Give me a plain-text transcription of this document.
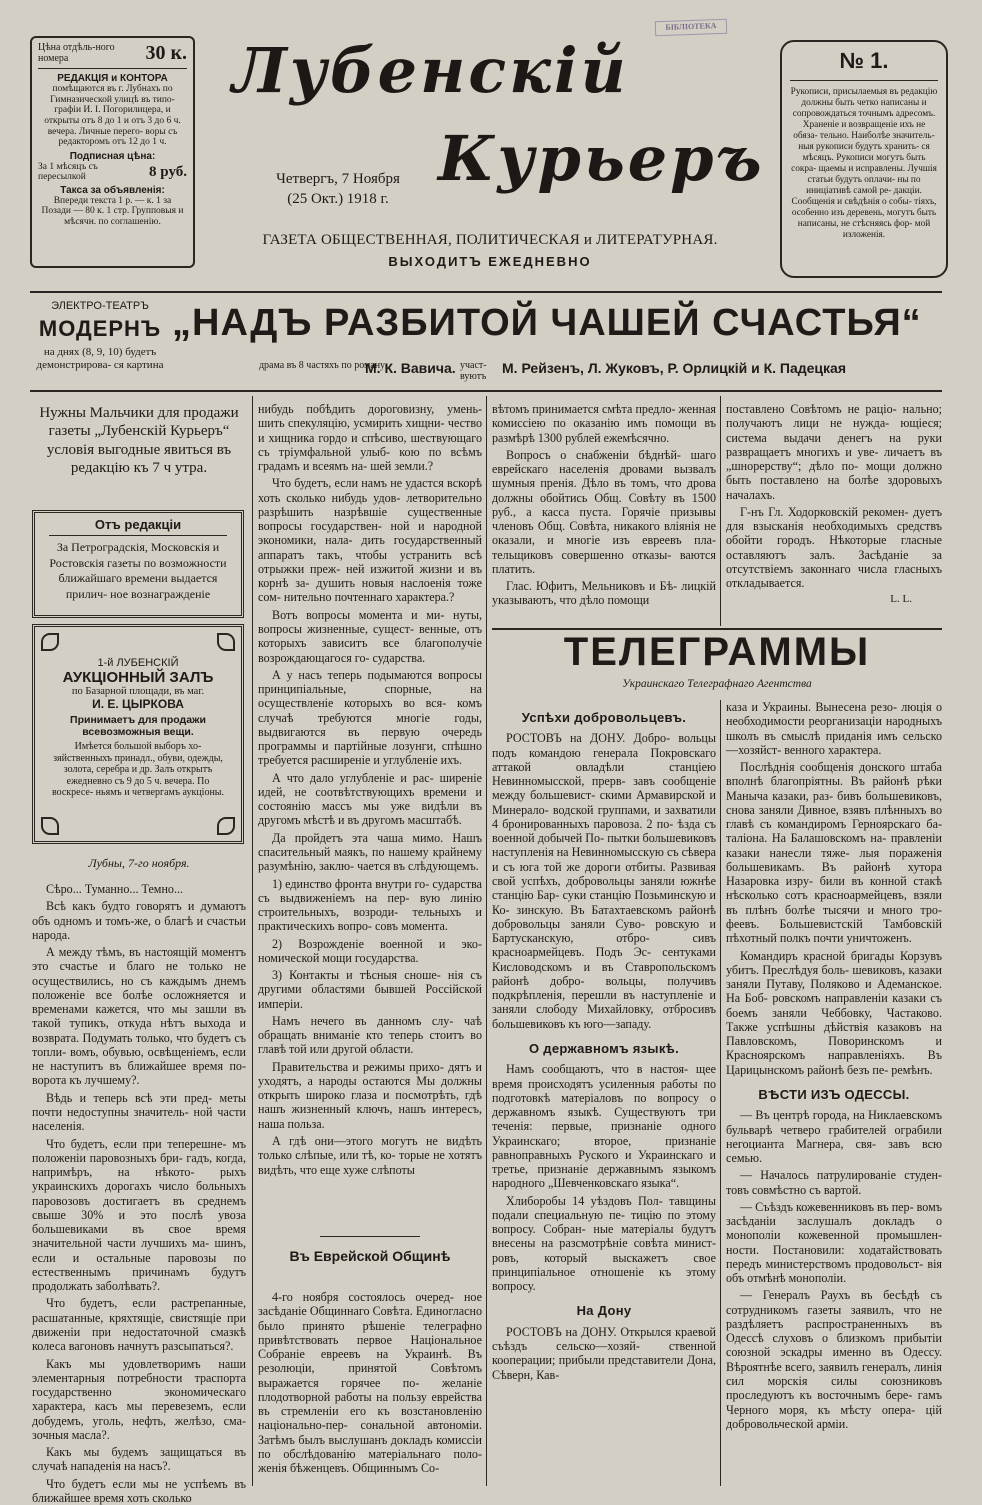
Цѣна отдѣль-ного номера	30 к.
РЕДАКЦІЯ и КОНТОРА
помѣщаются въ г. Лубнахъ по Гимназической улицѣ въ типо- графіи И. I. Погорилицера, и открыты отъ 8 до 1 и отъ 3 до 6 ч. вечера. Личные перего- воры съ редакторомъ отъ 12 до 1 ч.
Подписная цѣна:
За 1 мѣсяцъ съ пересылкой	8 руб.
Такса за объявленія:
Впереди текста 1 р. — к. 1 за Позади — 80 к. 1 стр. Групповыя и мѣсячн. по соглашенію.
Лубенскій
Курьеръ
Четвергъ, 7 Ноября
(25 Окт.) 1918 г.
БІБЛІОТЕКА
ГАЗЕТА ОБЩЕСТВЕННАЯ, ПОЛИТИЧЕСКАЯ и ЛИТЕРАТУРНАЯ.
ВЫХОДИТЪ ЕЖЕДНЕВНО
№ 1.
Рукописи, присылаемыя въ редакцію должны быть четко написаны и сопровождаться точнымъ адресомъ. Храненіе и возвращеніе ихъ не обяза- тельно. Наиболѣе значитель- ныя рукописи будутъ хранить- ся мѣсяцъ. Рукописи могутъ быть сокра- щаемы и исправлены. Лучшія статьи будутъ оплачи- ны по иниціативѣ самой ре- дакціи. Сообщенія и свѣдѣнія о собы- тіяхъ, особенно изъ деревень, могутъ быть написаны, не стѣсняясь фор- мой изложенія.
ЭЛЕКТРО-ТЕАТРЪ
МОДЕРНЪ
на днях (8, 9, 10) будетъ демонстрирова- ся картина
„НАДЪ РАЗБИТОЙ ЧАШЕЙ СЧАСТЬЯ“
драма въ 8 частяхъ по роману
М. К. Вавича. участ- вуютъ
М. Рейзенъ, Л. Жуковъ, Р. Орлицкій и К. Падецкая
Нужны Мальчики для продажи газеты „Лубенскій Курьеръ“ условія выгодные явиться въ редакцію къ 7 ч утра.
Отъ редакціи
За Петроградскія, Московскія и Ростовскія газеты по возможности ближайшаго времени выдается прилич- ное вознагражденіе
1-й ЛУБЕНСКІЙ
АУКЦІОННЫЙ ЗАЛЪ
по Базарной площади, въ маг.
И. Е. ЦЫРКОВА
Принимаетъ для продажи всевозможныя вещи.
Имѣется большой выборъ хо- зяйственныхъ принадл., обуви, одежды, золота, серебра и др. Залъ открытъ ежедневно съ 9 до 5 ч. вечера. По воскресе- ньямъ и четвергамъ аукціоны.
Лубны, 7-го ноября.

Сѣро... Туманно... Темно...

Всѣ какъ будто говорятъ и думаютъ объ одномъ и томъ-же, о благѣ и счастьи народа.

А между тѣмъ, въ настоящій моментъ это счастье и благо не только не осуществились, но съ каждымъ днемъ положеніе все болѣе осложняется и временами кажется, что мы зашли въ такой тупикъ, откуда нѣтъ выхода и возврата. Подумать только, что будетъ съ топли- вомъ, обувью, освѣщеніемъ, если не наступитъ въ ближайшее время по- ворота къ лучшему?.

Вѣдь и теперь всѣ эти пред- меты почти недоступны значитель- ной части населенія.

Что будетъ, если при теперешне- мъ положеніи паровозныхъ бри- гадъ, когда, напримѣръ, на нѣкото- рыхъ украинскихъ дорогахъ число больныхъ паровозовъ достигаетъ въ среднемъ свыше 30% и это послѣ увоза большевиками въ свое время значительной части лучшихъ ма- шинъ, если и остальные паровозы по естественнымъ причинамъ будутъ продолжать заболѣвать?.

Что будетъ, если растрепанные, расшатанные, кряхтящіе, свистящіе при движеніи при недостаточной смазкѣ колеса вагоновъ начнутъ разсыпаться?.

Какъ мы удовлетворимъ наши элементарныя потребности траспорта государственно экономическаго характера, касъ мы перевеземъ, если добудемъ, уголь, нефть, желѣзо, сма- зочныя масла?.

Какъ мы будемъ защищаться въ случаѣ нападенія на насъ?.

Что будетъ если мы не успѣемъ въ ближайшее время хоть сколько

нибудь побѣдить дороговизну, умень- шить спекуляцію, усмирить хищни- чество и хищника гордо и спѣсиво, шествующаго съ тріумфальной улыб- кою по всѣмъ градамъ и всеямъ на- шей земли.?

Что будетъ, если намъ не удастся вскорѣ хоть сколько нибудь удов- летворительно разрѣшить назрѣвшіе существенные вопросы государствен- ной и народной экономики, нала- дить государственный аппаратъ такъ, чтобы устранить всѣ отрыжки преж- ней изжитой жизни и въ корнѣ за- душить новыя наслоенія тоже сом- нительно почтеннаго характера.?

Вотъ вопросы момента и ми- нуты, вопросы жизненные, сущест- венные, отъ которыхъ зависитъ все благополучіе возрождающагося го- сударства.

А у насъ теперь подымаются вопросы принципіальные, спорные, на осуществленіе которыхъ во вся- комъ случаѣ требуются многіе годы, выдвигаются въ первую очередь программы и партійные лозунги, спѣшно требуется расширеніе и углубленіе ихъ.

А что дало углубленіе и рас- ширеніе идей, не соотвѣтствующихъ времени и состоянію массъ мы уже видѣли въ другомъ мѣстѣ и въ другомъ масштабѣ.

Да пройдетъ эта чаша мимо. Нашъ спасительный маякъ, по нашему крайнему разумѣнію, заклю- чается въ слѣдующемъ.

1) единство фронта внутри го- сударства съ выдвиженіемъ на пер- вую линію строительныхъ, возроди- тельныхъ и практическихъ вопро- совъ момента.

2) Возрожденіе военной и эко- номической мощи государства.

3) Контакты и тѣсныя сноше- нія съ другими областями бывшей Россійской имперіи.

Намъ нечего въ данномъ слу- чаѣ обращать вниманіе кто теперь стоитъ во главѣ той или другой области.

Правительства и режимы прихо- дятъ и уходятъ, а народы остаются Мы должны открыть широко глаза и посмотрѣть, гдѣ нашъ жизненный ключъ, нашъ интересъ, наша польза.

А гдѣ они—этого могутъ не видѣть только слѣпые, или тѣ, ко- торые не хотятъ видѣть, что еще хуже слѣпоты

Въ Еврейской Общинѣ

4-го ноября состоялось очеред- ное засѣданіе Общиннаго Совѣта. Единогласно было принято рѣшеніе телеграфно привѣтствовать первое Національное Собраніе евреевъ на Украинѣ. Въ резолюціи, принятой Совѣтомъ выражается горячее по- желаніе плодотворной работы на пользу еврейства въ стремленіи его къ возстановленію національно-пер- сональной автономіи. Затѣмъ былъ выслушанъ докладъ комиссіи по обслѣдованію матеріальнаго поло- женія бѣженцевъ. Общиннымъ Со-

вѣтомъ принимается смѣта предло- женная комиссіею по оказанію имъ помощи въ размѣрѣ 1300 рублей ежемѣсячно.

Вопросъ о снабженіи бѣднѣй- шаго еврейскаго населенія дровами вызвалъ шумныя пренія. Дѣло въ томъ, что дрова должны обойтись Общ. Совѣту въ 1500 руб., а касса пуста. Горячіе призывы членовъ Общ. Совѣта, никакого вліянія не оказали, и многіе изъ евреевъ пла- тельщиковъ совершенно отказы- ваются платить.

Глас. Юфитъ, Мельниковъ и Бѣ- лицкій указываютъ, что дѣло помощи

поставлено Совѣтомъ не раціо- нально; получаютъ лици не нужда- ющіеся; система выдачи денегъ на руки развращаетъ многихъ и уве- личаетъ въ „шнорерству“; дѣло по- мощи должно быть поставлено на болѣе здоровыхъ началахъ.

Г-нъ Гл. Ходорковскій рекомен- дуетъ для взысканія необходимыхъ средствъ обойти городъ. Нѣкоторые гласные оставляютъ залъ. Засѣданіе за отсутствіемъ законнаго числа гласныхъ откладывается.

L. L.
ТЕЛЕГРАММЫ
Украинскаго Телеграфнаго Агентства
Успѣхи добровольцевъ.

РОСТОВЪ на ДОНУ. Добро- вольцы подъ командою генерала Покровскаго аттакой овладѣли станціею Невинномысской, прерв- завъ сообщеніе между большевист- скими Армавирской и Минерало- водской группами, и захватили 4 бронированныхъ паровоза. 2 по- ѣзда съ военной добычей По- пытки большевиковъ наступленія на Невинномысскую съ сѣвера и съ юга той же дороги отбиты. Развивая свой успѣхъ, добровольцы заняли южнѣе станцію Бар- суки станцію Позьминскую и Ко- зинскую. Въ Батахтаевскомъ районѣ добровольцы заняли Суво- ровскую и Бартусканскую, отбро- сивъ красноармейцевъ. Подъ Эс- сентуками Кисловодскомъ и въ Ставропольскомъ районѣ добро- вольцы, получивъ подкрѣпленія, перешли въ наступленіе и заняли слободу Михайловку, отбросивъ большевиковъ къ юго—западу.

О державномъ языкѣ.

Намъ сообщаютъ, что в настоя- щее время происходятъ усиленныя работы по подготовкѣ матеріаловъ по вопросу о державномъ языкѣ. Существуютъ три теченія: первые, признаніе одного Украинскаго; второе, признаніе равноправныхъ Руского и Украинскаго и третье, признаніе державнымъ языкомъ народного „Шевченковскаго языка“.

Хлиборобы 14 уѣздовъ Пол- тавщины подали специальную пе- тицію по этому вопросу. Собран- ные матеріалы будутъ внесены на разсмотрѣніе совѣта минист- ровъ, который выскажетъ свое принципіальное отношеніе къ этому вопросу.

На Дону

РОСТОВЪ на ДОНУ. Открылся краевой съѣздъ сельско—хозяй- ственной кооперации; прибыли представители Дона, Сѣверн, Кав-

каза и Украины. Вынесена резо- люція о необходимости реорганизаціи народныхъ школъ въ смыслѣ приданія имъ сельско—хозяйст- венного характера.

Послѣднія сообщенія донского штаба вполнѣ благопріятны. Въ районѣ рѣки Маныча казаки, раз- бивъ большевиковъ, снова заняли Дивное, взявъ плѣнныхъ во главѣ съ командиромъ Герноярскаго ба- таліона. На Балашовскомъ на- правленіи казаки нанесли тяже- лыя пораженія большевикамъ. Въ районѣ хутора Назаровка изру- били въ конной стакѣ нѣсколько сотъ красноармейцевъ, взяли въ плѣнъ болѣе тысячи и много тро- феевъ. Большевистскій Тамбовскій пѣхотный полкъ почти уничтоженъ.

Командиръ красной бригады Корзувъ убитъ. Преслѣдуя боль- шевиковъ, казаки заняли Путаву, Поляково и Адеманское. На Боб- ровскомъ направленіи казаки съ боемъ заняли Чеббовку, Частаково. Также успѣшны дѣйствія казаковъ на Павловскомъ, Поворинскомъ и Красноярскомъ направленіяхъ. Въ Царицынскомъ районѣ безъ пе- ремѣнъ.

ВѢСТИ ИЗЪ ОДЕССЫ.

— Въ центрѣ города, на Никлаевскомъ бульварѣ четверо грабителей ограбили негоцианта Магнера, свя- завъ всю семью.

— Началось патрулированіе студен- товъ совмѣстно съ вартой.

— Съѣздъ кожевенниковъ въ пер- вомъ засѣданіи заслушалъ докладъ о монополіи кожевенной промышлен- ности. Постановили: ходатайствовать передъ министерствомъ продовольст- вія объ отмѣнѣ монополіи.

— Генералъ Раухъ въ бесѣдѣ съ сотрудникомъ газеты заявилъ, что не раздѣляетъ распространенныхъ въ Одессѣ слуховъ о близкомъ прибытіи союзной эскадры именно въ Одессу. Вѣроятнѣе всего, заявилъ генералъ, линія сил морскія силы союзниковъ проследуютъ къ восточнымъ бере- гамъ Черного моря, къ мѣсту опера- цій добровольческой арміи.
